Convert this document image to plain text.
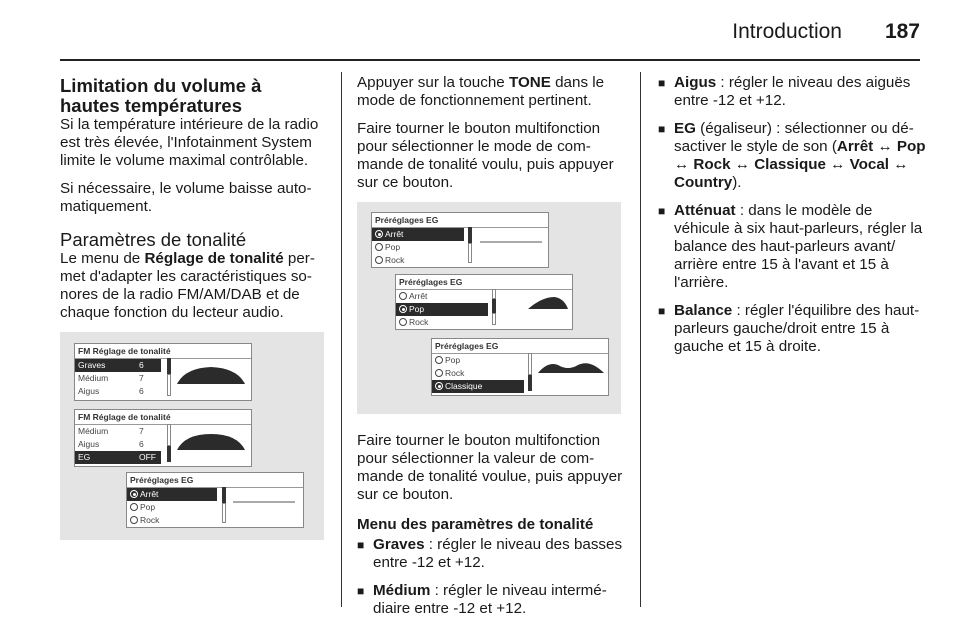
Introduction 187
Limitation du volume à hautes températures

Si la température intérieure de la radio est très élevée, l'Infotainment System limite le volume maximal contrôlable.

Si nécessaire, le volume baisse automatiquement.

Paramètres de tonalité

Le menu de Réglage de tonalité permet d'adapter les caractéristiques sonores de la radio FM/AM/DAB et de chaque fonction du lecteur audio.

FM Réglage de tonalité
Graves	6
Médium	7
Aigus	6
FM Réglage de tonalité
Médium	7
Aigus	6
EG	OFF
Préréglages EG
Arrêt
Pop
Rock

Appuyer sur la touche TONE dans le mode de fonctionnement pertinent.

Faire tourner le bouton multifonction pour sélectionner le mode de commande de tonalité voulu, puis appuyer sur ce bouton.

Préréglages EG
Arrêt
Pop
Rock
Préréglages EG
Arrêt
Pop
Rock
Préréglages EG
Pop
Rock
Classique

Faire tourner le bouton multifonction pour sélectionner la valeur de commande de tonalité voulue, puis appuyer sur ce bouton.

Menu des paramètres de tonalité

■ Graves : régler le niveau des basses entre -12 et +12.
■ Médium : régler le niveau intermédiaire entre -12 et +12.
■ Aigus : régler le niveau des aiguës entre -12 et +12.
■ EG (égaliseur) : sélectionner ou désactiver le style de son (Arrêt ↔ Pop ↔ Rock ↔ Classique ↔ Vocal ↔ Country).
■ Atténuat : dans le modèle de véhicule à six haut-parleurs, régler la balance des haut-parleurs avant/ arrière entre 15 à l'avant et 15 à l'arrière.
■ Balance : régler l'équilibre des haut-parleurs gauche/droit entre 15 à gauche et 15 à droite.
